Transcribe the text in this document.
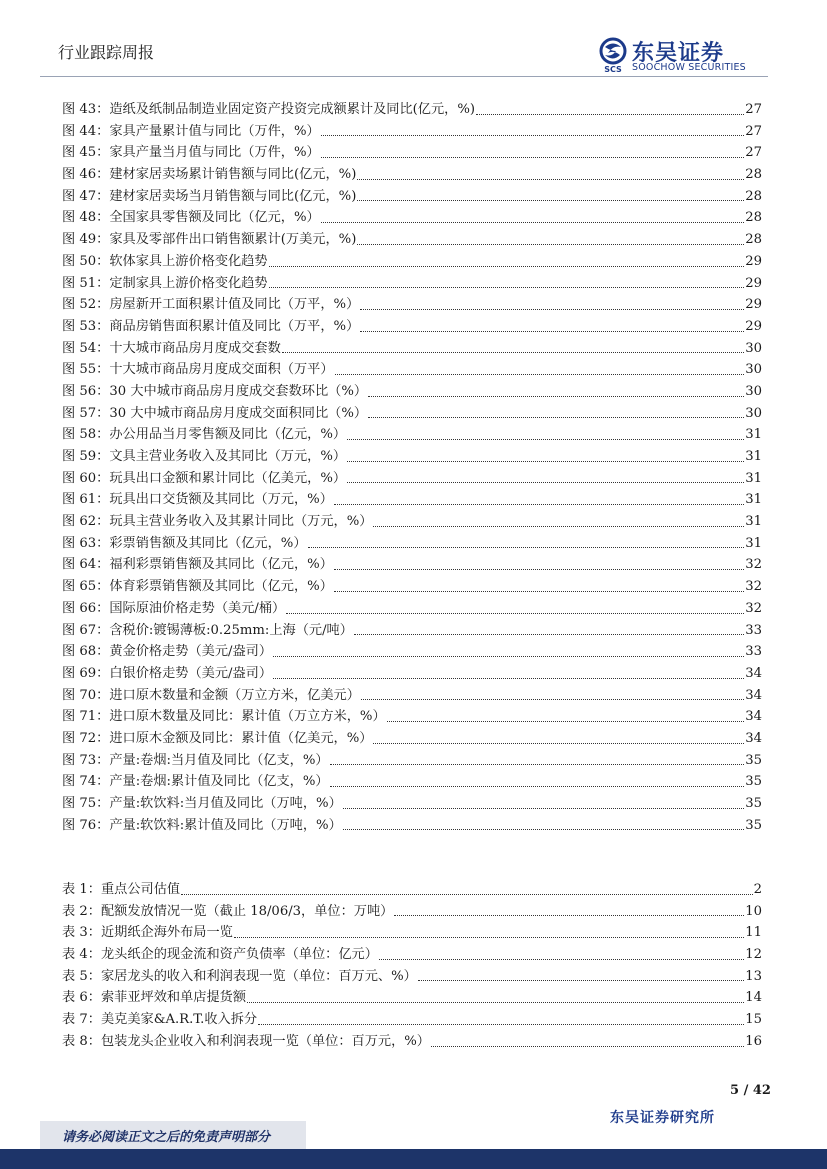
行业跟踪周报
SCS
东吴证券
SOOCHOW SECURITIES
图 43：造纸及纸制品制造业固定资产投资完成额累计及同比(亿元，%)	27
图 44：家具产量累计值与同比（万件，%）	27
图 45：家具产量当月值与同比（万件，%）	27
图 46：建材家居卖场累计销售额与同比(亿元，%)	28
图 47：建材家居卖场当月销售额与同比(亿元，%)	28
图 48：全国家具零售额及同比（亿元，%）	28
图 49：家具及零部件出口销售额累计(万美元，%)	28
图 50：软体家具上游价格变化趋势	29
图 51：定制家具上游价格变化趋势	29
图 52：房屋新开工面积累计值及同比（万平，%）	29
图 53：商品房销售面积累计值及同比（万平，%）	29
图 54：十大城市商品房月度成交套数	30
图 55：十大城市商品房月度成交面积（万平）	30
图 56：30 大中城市商品房月度成交套数环比（%）	30
图 57：30 大中城市商品房月度成交面积同比（%）	30
图 58：办公用品当月零售额及同比（亿元，%）	31
图 59：文具主营业务收入及其同比（万元，%）	31
图 60：玩具出口金额和累计同比（亿美元，%）	31
图 61：玩具出口交货额及其同比（万元，%）	31
图 62：玩具主营业务收入及其累计同比（万元，%）	31
图 63：彩票销售额及其同比（亿元，%）	31
图 64：福利彩票销售额及其同比（亿元，%）	32
图 65：体育彩票销售额及其同比（亿元，%）	32
图 66：国际原油价格走势（美元/桶）	32
图 67：含税价:镀锡薄板:0.25mm:上海（元/吨）	33
图 68：黄金价格走势（美元/盎司）	33
图 69：白银价格走势（美元/盎司）	34
图 70：进口原木数量和金额（万立方米，亿美元）	34
图 71：进口原木数量及同比：累计值（万立方米，%）	34
图 72：进口原木金额及同比：累计值（亿美元，%）	34
图 73：产量:卷烟:当月值及同比（亿支，%）	35
图 74：产量:卷烟:累计值及同比（亿支，%）	35
图 75：产量:软饮料:当月值及同比（万吨，%）	35
图 76：产量:软饮料:累计值及同比（万吨，%）	35
表 1：重点公司估值	2
表 2：配额发放情况一览（截止 18/06/3，单位：万吨）	10
表 3：近期纸企海外布局一览	11
表 4：龙头纸企的现金流和资产负债率（单位：亿元）	12
表 5：家居龙头的收入和利润表现一览（单位：百万元、%）	13
表 6：索菲亚坪效和单店提货额	14
表 7：美克美家&A.R.T.收入拆分	15
表 8：包装龙头企业收入和利润表现一览（单位：百万元，%）	16
5 / 42
东吴证券研究所
请务必阅读正文之后的免责声明部分
